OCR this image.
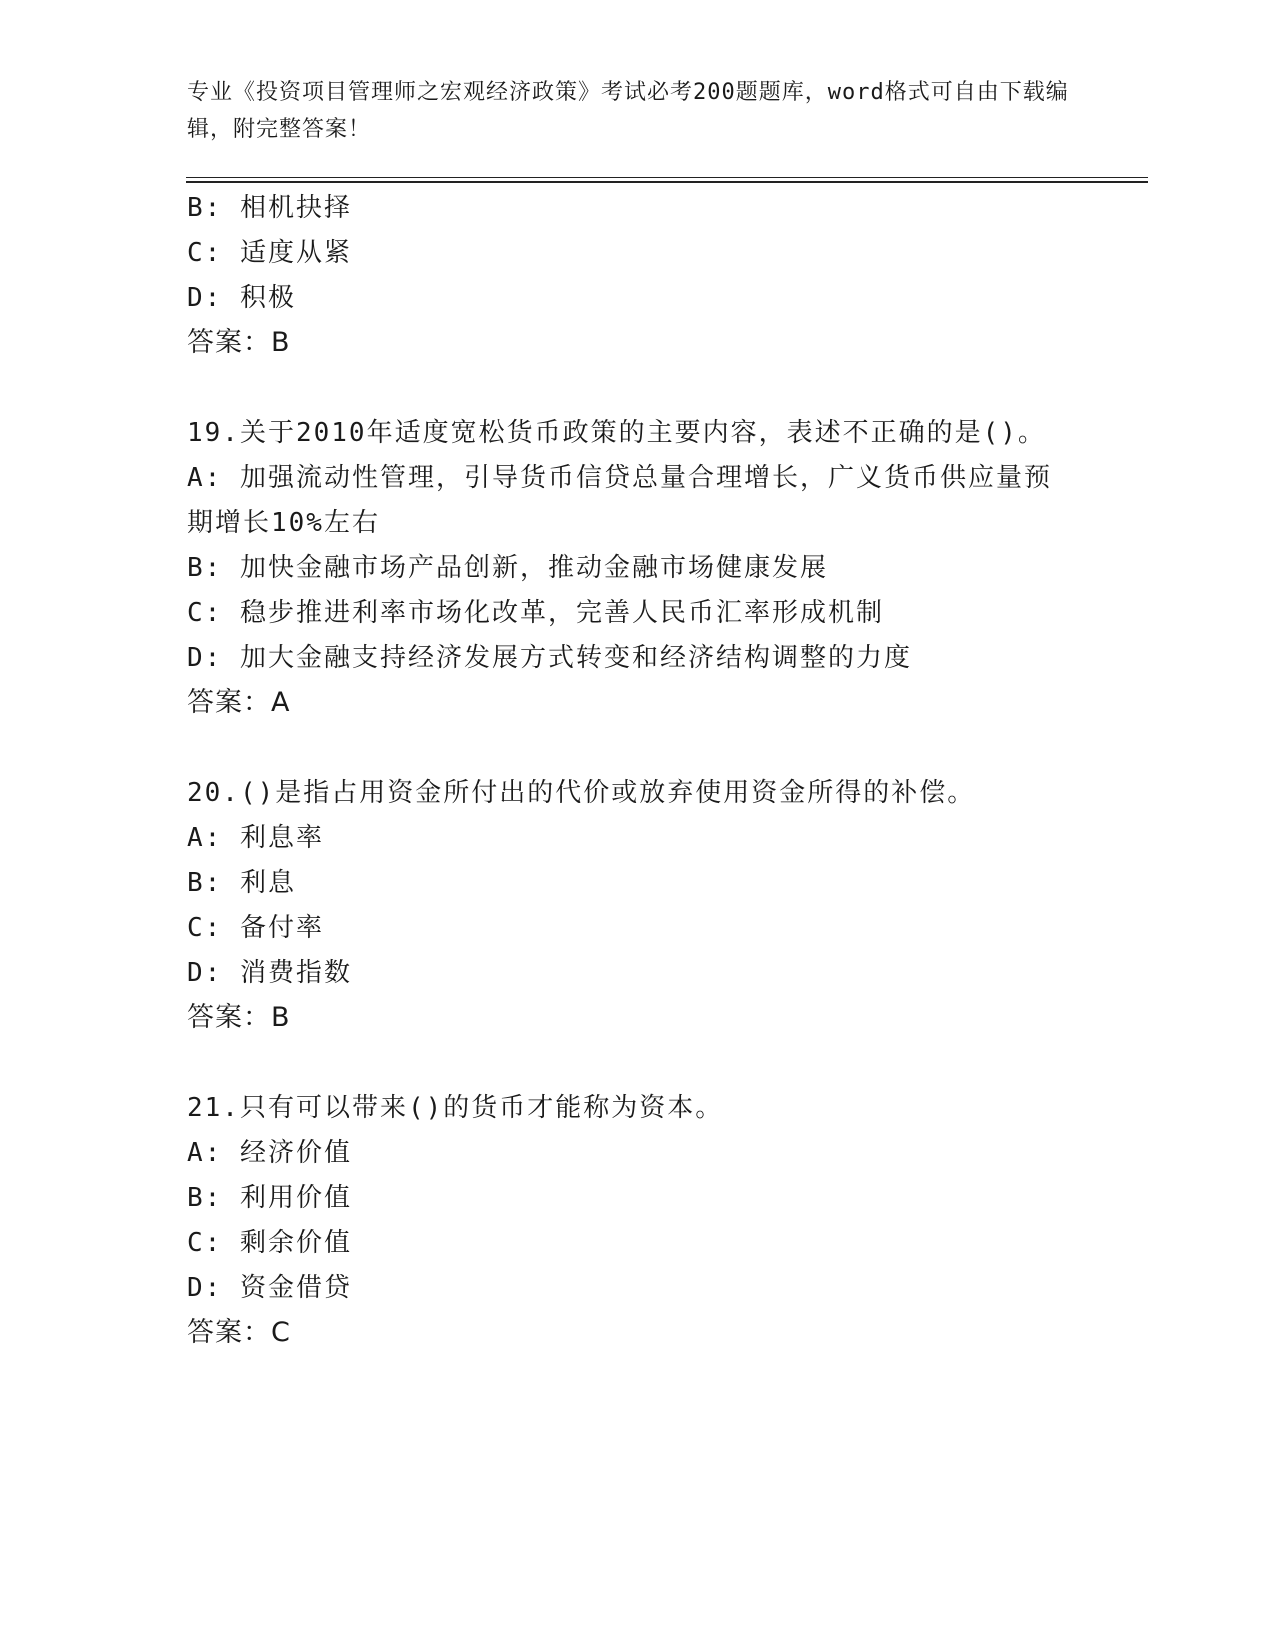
专业《投资项目管理师之宏观经济政策》考试必考200题题库，word格式可自由下载编辑，附完整答案！
B: 相机抉择
C: 适度从紧
D: 积极
答案：B
19.关于2010年适度宽松货币政策的主要内容，表述不正确的是()。
A: 加强流动性管理，引导货币信贷总量合理增长，广义货币供应量预
期增长10%左右
B: 加快金融市场产品创新，推动金融市场健康发展
C: 稳步推进利率市场化改革，完善人民币汇率形成机制
D: 加大金融支持经济发展方式转变和经济结构调整的力度
答案：A
20.()是指占用资金所付出的代价或放弃使用资金所得的补偿。
A: 利息率
B: 利息
C: 备付率
D: 消费指数
答案：B
21.只有可以带来()的货币才能称为资本。
A: 经济价值
B: 利用价值
C: 剩余价值
D: 资金借贷
答案：C
